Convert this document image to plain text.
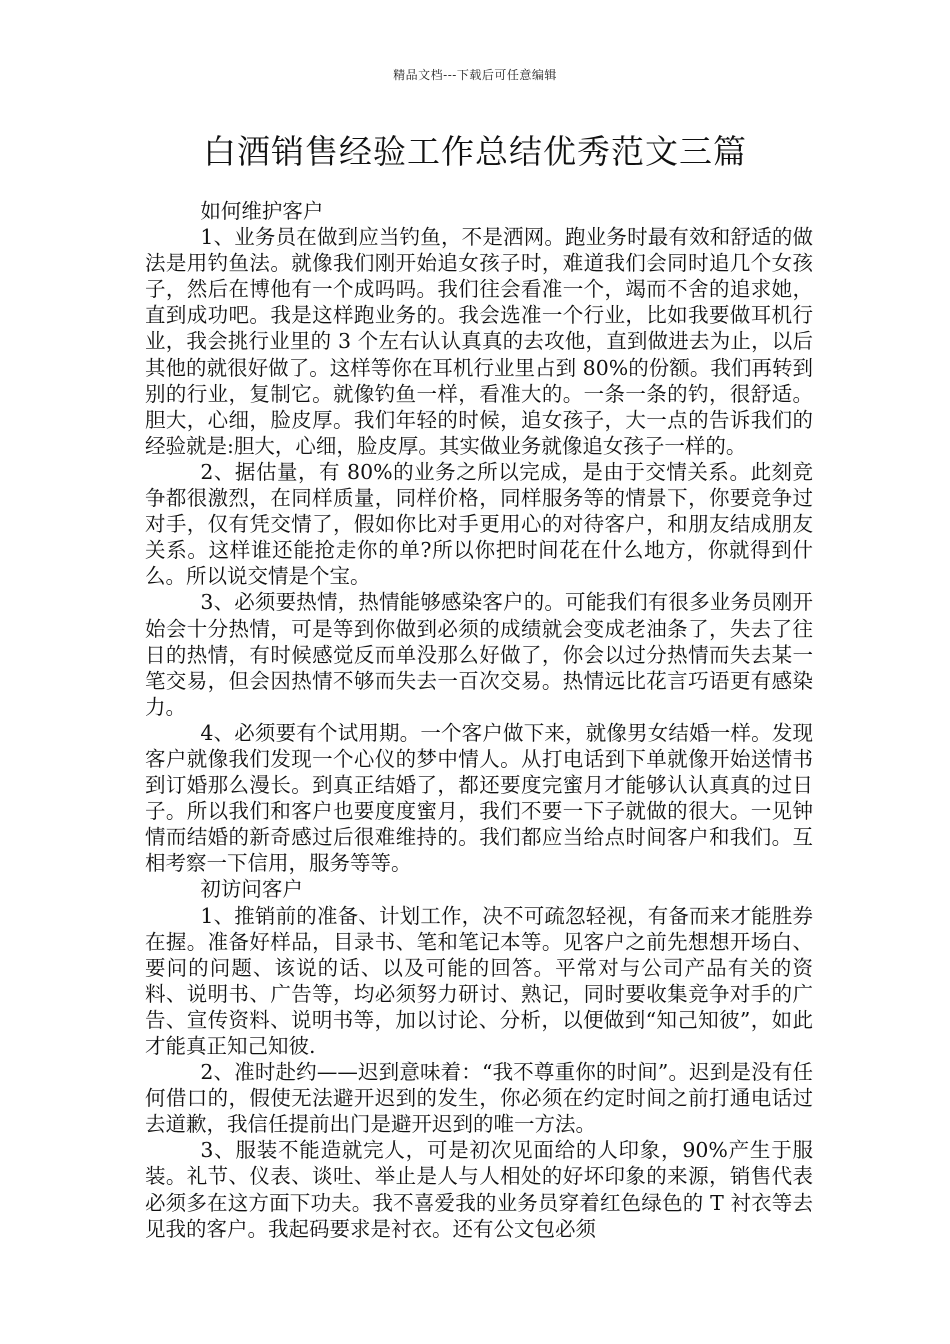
精品文档---下载后可任意编辑
白酒销售经验工作总结优秀范文三篇

如何维护客户

1、业务员在做到应当钓鱼，不是洒网。跑业务时最有效和舒适的做法是用钓鱼法。就像我们刚开始追女孩子时，难道我们会同时追几个女孩子，然后在博他有一个成吗吗。我们往会看准一个，竭而不舍的追求她，直到成功吧。我是这样跑业务的。我会选准一个行业，比如我要做耳机行业，我会挑行业里的 3 个左右认认真真的去攻他，直到做进去为止，以后其他的就很好做了。这样等你在耳机行业里占到 80%的份额。我们再转到别的行业，复制它。就像钓鱼一样，看准大的。一条一条的钓，很舒适。胆大，心细，脸皮厚。我们年轻的时候，追女孩子，大一点的告诉我们的经验就是:胆大，心细，脸皮厚。其实做业务就像追女孩子一样的。

2、据估量，有 80%的业务之所以完成，是由于交情关系。此刻竞争都很激烈，在同样质量，同样价格，同样服务等的情景下，你要竞争过对手，仅有凭交情了，假如你比对手更用心的对待客户，和朋友结成朋友关系。这样谁还能抢走你的单?所以你把时间花在什么地方，你就得到什么。所以说交情是个宝。

3、必须要热情，热情能够感染客户的。可能我们有很多业务员刚开始会十分热情，可是等到你做到必须的成绩就会变成老油条了，失去了往日的热情，有时候感觉反而单没那么好做了，你会以过分热情而失去某一笔交易，但会因热情不够而失去一百次交易。热情远比花言巧语更有感染力。

4、必须要有个试用期。一个客户做下来，就像男女结婚一样。发现客户就像我们发现一个心仪的梦中情人。从打电话到下单就像开始送情书到订婚那么漫长。到真正结婚了，都还要度完蜜月才能够认认真真的过日子。所以我们和客户也要度度蜜月，我们不要一下子就做的很大。一见钟情而结婚的新奇感过后很难维持的。我们都应当给点时间客户和我们。互相考察一下信用，服务等等。

初访问客户

1、推销前的准备、计划工作，决不可疏忽轻视，有备而来才能胜券在握。准备好样品，目录书、笔和笔记本等。见客户之前先想想开场白、要问的问题、该说的话、以及可能的回答。平常对与公司产品有关的资料、说明书、广告等，均必须努力研讨、熟记，同时要收集竞争对手的广告、宣传资料、说明书等，加以讨论、分析，以便做到“知己知彼”，如此才能真正知己知彼.

2、准时赴约——迟到意味着：“我不尊重你的时间”。迟到是没有任何借口的，假使无法避开迟到的发生，你必须在约定时间之前打通电话过去道歉，我信任提前出门是避开迟到的唯一方法。

3、服装不能造就完人，可是初次见面给的人印象，90%产生于服装。礼节、仪表、谈吐、举止是人与人相处的好坏印象的来源，销售代表必须多在这方面下功夫。我不喜爱我的业务员穿着红色绿色的 T 衬衣等去见我的客户。我起码要求是衬衣。还有公文包必须
